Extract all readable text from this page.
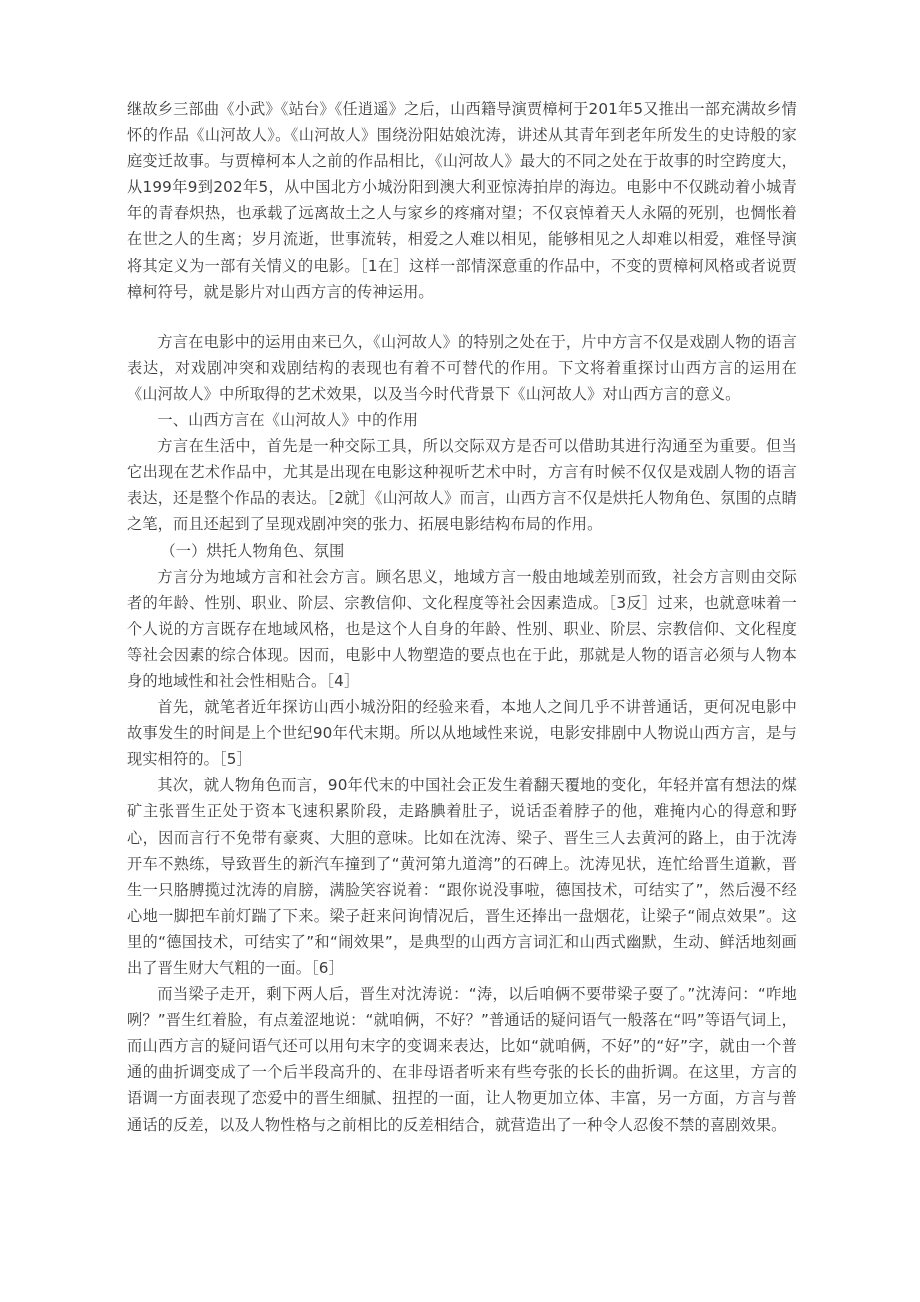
继故乡三部曲《小武》《站台》《任逍遥》之后，山西籍导演贾樟柯于201年5又推出一部充满故乡情怀的作品《山河故人》。《山河故人》围绕汾阳姑娘沈涛，讲述从其青年到老年所发生的史诗般的家庭变迁故事。与贾樟柯本人之前的作品相比，《山河故人》最大的不同之处在于故事的时空跨度大，从199年9到202年5，从中国北方小城汾阳到澳大利亚惊涛拍岸的海边。电影中不仅跳动着小城青年的青春炽热，也承载了远离故土之人与家乡的疼痛对望；不仅哀悼着天人永隔的死别，也惆怅着在世之人的生离；岁月流逝，世事流转，相爱之人难以相见，能够相见之人却难以相爱，难怪导演将其定义为一部有关情义的电影。［1在］这样一部情深意重的作品中，不变的贾樟柯风格或者说贾樟柯符号，就是影片对山西方言的传神运用。

方言在电影中的运用由来已久，《山河故人》的特别之处在于，片中方言不仅是戏剧人物的语言表达，对戏剧冲突和戏剧结构的表现也有着不可替代的作用。下文将着重探讨山西方言的运用在《山河故人》中所取得的艺术效果，以及当今时代背景下《山河故人》对山西方言的意义。

一、山西方言在《山河故人》中的作用

方言在生活中，首先是一种交际工具，所以交际双方是否可以借助其进行沟通至为重要。但当它出现在艺术作品中，尤其是出现在电影这种视听艺术中时，方言有时候不仅仅是戏剧人物的语言表达，还是整个作品的表达。［2就］《山河故人》而言，山西方言不仅是烘托人物角色、氛围的点睛之笔，而且还起到了呈现戏剧冲突的张力、拓展电影结构布局的作用。

（一）烘托人物角色、氛围

方言分为地域方言和社会方言。顾名思义，地域方言一般由地域差别而致，社会方言则由交际者的年龄、性别、职业、阶层、宗教信仰、文化程度等社会因素造成。［3反］过来，也就意味着一个人说的方言既存在地域风格，也是这个人自身的年龄、性别、职业、阶层、宗教信仰、文化程度等社会因素的综合体现。因而，电影中人物塑造的要点也在于此，那就是人物的语言必须与人物本身的地域性和社会性相贴合。［4］

首先，就笔者近年探访山西小城汾阳的经验来看，本地人之间几乎不讲普通话，更何况电影中故事发生的时间是上个世纪90年代末期。所以从地域性来说，电影安排剧中人物说山西方言，是与现实相符的。［5］

其次，就人物角色而言，90年代末的中国社会正发生着翻天覆地的变化，年轻并富有想法的煤矿主张晋生正处于资本飞速积累阶段，走路腆着肚子，说话歪着脖子的他，难掩内心的得意和野心，因而言行不免带有豪爽、大胆的意味。比如在沈涛、梁子、晋生三人去黄河的路上，由于沈涛开车不熟练，导致晋生的新汽车撞到了“黄河第九道湾”的石碑上。沈涛见状，连忙给晋生道歉，晋生一只胳膊揽过沈涛的肩膀，满脸笑容说着：“跟你说没事啦，德国技术，可结实了”，然后漫不经心地一脚把车前灯踹了下来。梁子赶来问询情况后，晋生还捧出一盘烟花，让梁子“闹点效果”。这里的“德国技术，可结实了”和“闹效果”，是典型的山西方言词汇和山西式幽默，生动、鲜活地刻画出了晋生财大气粗的一面。［6］

而当梁子走开，剩下两人后，晋生对沈涛说：“涛，以后咱俩不要带梁子耍了。”沈涛问：“咋地咧？”晋生红着脸，有点羞涩地说：“就咱俩，不好？”普通话的疑问语气一般落在“吗”等语气词上，而山西方言的疑问语气还可以用句末字的变调来表达，比如“就咱俩，不好”的“好”字，就由一个普通的曲折调变成了一个后半段高升的、在非母语者听来有些夸张的长长的曲折调。在这里，方言的语调一方面表现了恋爱中的晋生细腻、扭捏的一面，让人物更加立体、丰富，另一方面，方言与普通话的反差，以及人物性格与之前相比的反差相结合，就营造出了一种令人忍俊不禁的喜剧效果。
